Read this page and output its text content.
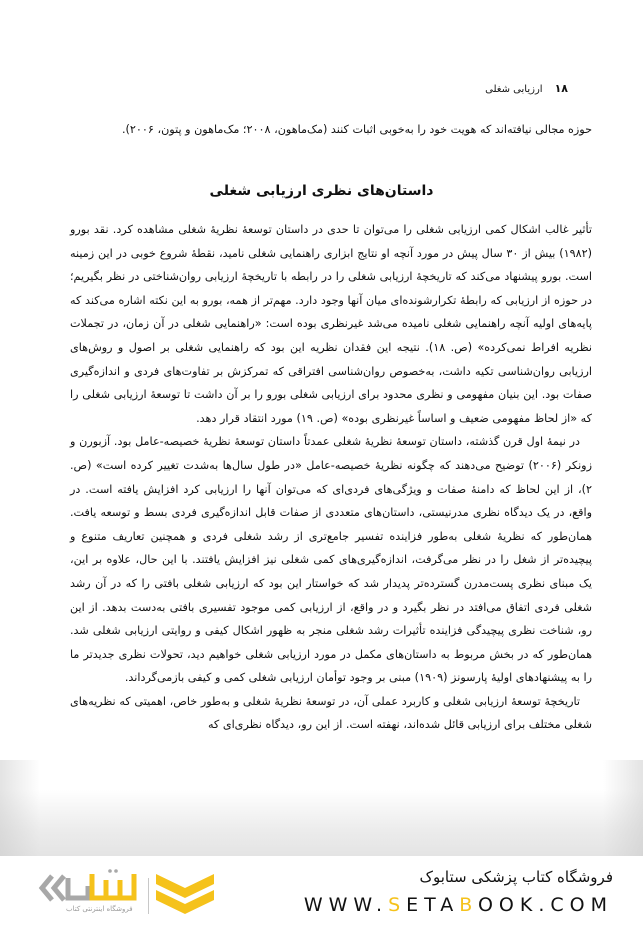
۱۸
ارزیابی شغلی

حوزه مجالی نیافته‌اند که هویت خود را به‌خوبی اثبات کنند (مک‌ماهون، ۲۰۰۸؛ مک‌ماهون و پتون، ۲۰۰۶).

داستان‌های نظری ارزیابی شغلی

تأثیر غالب اشکال کمی ارزیابی شغلی را می‌توان تا حدی در داستان توسعهٔ نظریهٔ شغلی مشاهده کرد. نقد بورو (۱۹۸۲) بیش از ۳۰ سال پیش در مورد آنچه او نتایج ابزاری راهنمایی شغلی نامید، نقطهٔ شروع خوبی در این زمینه است. بورو پیشنهاد می‌کند که تاریخچهٔ ارزیابی شغلی را در رابطه با تاریخچهٔ ارزیابی روان‌شناختی در نظر بگیریم؛ در حوزه از ارزیابی که رابطهٔ تکرارشونده‌ای میان آنها وجود دارد. مهم‌تر از همه، بورو به این نکته اشاره می‌کند که پایه‌های اولیه آنچه راهنمایی شغلی نامیده می‌شد غیرنظری بوده است: «راهنمایی شغلی در آن زمان، در تجملات نظریه افراط نمی‌کرده» (ص. ۱۸). نتیجه این فقدان نظریه این بود که راهنمایی شغلی بر اصول و روش‌های ارزیابی روان‌شناسی تکیه داشت، به‌خصوص روان‌شناسی افتراقی که تمرکزش بر تفاوت‌های فردی و اندازه‌گیری صفات بود. این بنیان مفهومی و نظری محدود برای ارزیابی شغلی بورو را بر آن داشت تا توسعهٔ ارزیابی شغلی را که «از لحاظ مفهومی ضعیف و اساساً غیرنظری بوده» (ص. ۱۹) مورد انتقاد قرار دهد.

در نیمهٔ اول قرن گذشته، داستان توسعهٔ نظریهٔ شغلی عمدتاً داستان توسعهٔ نظریهٔ خصیصه-عامل بود. آزبورن و زونکر (۲۰۰۶) توضیح می‌دهند که چگونه نظریهٔ خصیصه-عامل «در طول سال‌ها به‌شدت تغییر کرده است» (ص. ۲)، از این لحاظ که دامنهٔ صفات و ویژگی‌های فردی‌ای که می‌توان آنها را ارزیابی کرد افزایش یافته است. در واقع، در یک دیدگاه نظری مدرنیستی، داستان‌های متعددی از صفات قابل اندازه‌گیری فردی بسط و توسعه یافت. همان‌طور که نظریهٔ شغلی به‌طور فزاینده تفسیر جامع‌تری از رشد شغلی فردی و همچنین تعاریف متنوع و پیچیده‌تر از شغل را در نظر می‌گرفت، اندازه‌گیری‌های کمی شغلی نیز افزایش یافتند. با این حال، علاوه بر این، یک مبنای نظری پست‌مدرن گسترده‌تر پدیدار شد که خواستار این بود که ارزیابی شغلی بافتی را که در آن رشد شغلی فردی اتفاق می‌افتد در نظر بگیرد و در واقع، از ارزیابی کمی موجود تفسیری بافتی به‌دست بدهد. از این رو، شناخت نظری پیچیدگی فزاینده تأثیرات رشد شغلی منجر به ظهور اشکال کیفی و روایتی ارزیابی شغلی شد. همان‌طور که در بخش مربوط به داستان‌های مکمل در مورد ارزیابی شغلی خواهیم دید، تحولات نظری جدیدتر ما را به پیشنهادهای اولیهٔ پارسونز (۱۹۰۹) مبنی بر وجود توأمان ارزیابی شغلی کمی و کیفی بازمی‌گرداند.

تاریخچهٔ توسعهٔ ارزیابی شغلی و کاربرد عملی آن، در توسعهٔ نظریهٔ شغلی و به‌طور خاص، اهمیتی که نظریه‌های شغلی مختلف برای ارزیابی قائل شده‌اند، نهفته است. از این رو، دیدگاه نظری‌ای که

فروشگاه اینترنتی کتاب
فروشگاه کتاب پزشکی ستابوک
WWW.SETABOOK.COM
